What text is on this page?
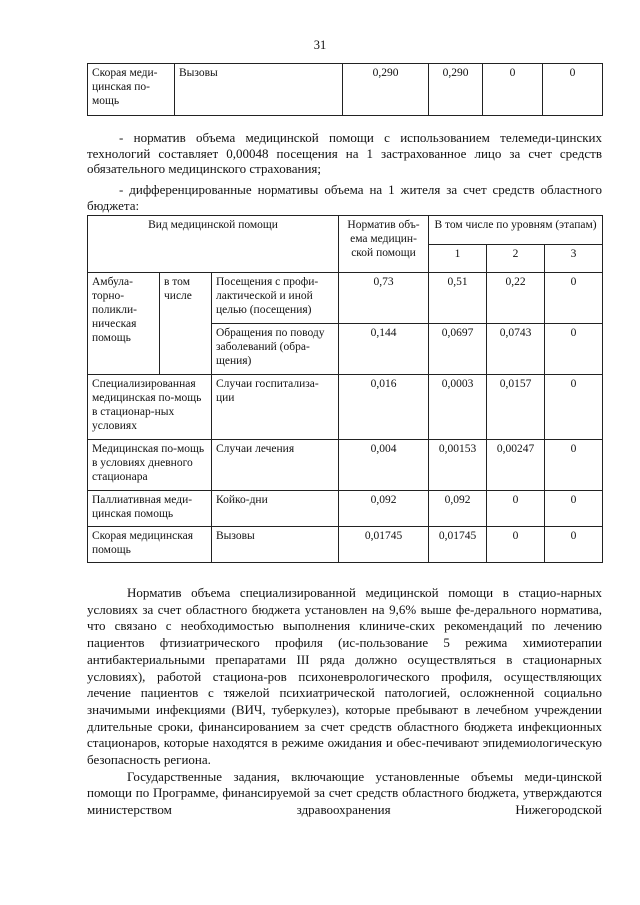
31
Скорая меди-цинская по-мощь	Вызовы	0,290	0,290	0	0

- норматив объема медицинской помощи с использованием телемеди-цинских технологий составляет 0,00048 посещения на 1 застрахованное лицо за счет средств обязательного медицинского страхования;

- дифференцированные нормативы объема на 1 жителя за счет средств областного бюджета:

Вид медицинской помощи			Норматив объ-ема медицин-ской помощи	В том числе по уровням (этапам)		
				1	2	3
Амбула-торно-поликли-ническая помощь	в том числе	Посещения с профи-лактической и иной целью (посещения)	0,73	0,51	0,22	0
		Обращения по поводу заболеваний (обра-щения)	0,144	0,0697	0,0743	0
Специализированная медицинская по-мощь в стационар-ных условиях		Случаи госпитализа-ции	0,016	0,0003	0,0157	0
Медицинская по-мощь в условиях дневного стационара		Случаи лечения	0,004	0,00153	0,00247	0
Паллиативная меди-цинская помощь		Койко-дни	0,092	0,092	0	0
Скорая медицинская помощь		Вызовы	0,01745	0,01745	0	0

Норматив объема специализированной медицинской помощи в стацио-нарных условиях за счет областного бюджета установлен на 9,6% выше фе-дерального норматива, что связано с необходимостью выполнения клиниче-ских рекомендаций по лечению пациентов фтизиатрического профиля (ис-пользование 5 режима химиотерапии антибактериальными препаратами III ряда должно осуществляться в стационарных условиях), работой стациона-ров психоневрологического профиля, осуществляющих лечение пациентов с тяжелой психиатрической патологией, осложненной социально значимыми инфекциями (ВИЧ, туберкулез), которые пребывают в лечебном учреждении длительные сроки, финансированием за счет средств областного бюджета инфекционных стационаров, которые находятся в режиме ожидания и обес-печивают эпидемиологическую безопасность региона.

Государственные задания, включающие установленные объемы меди-цинской помощи по Программе, финансируемой за счет средств областного бюджета, утверждаются министерством здравоохранения Нижегородской
